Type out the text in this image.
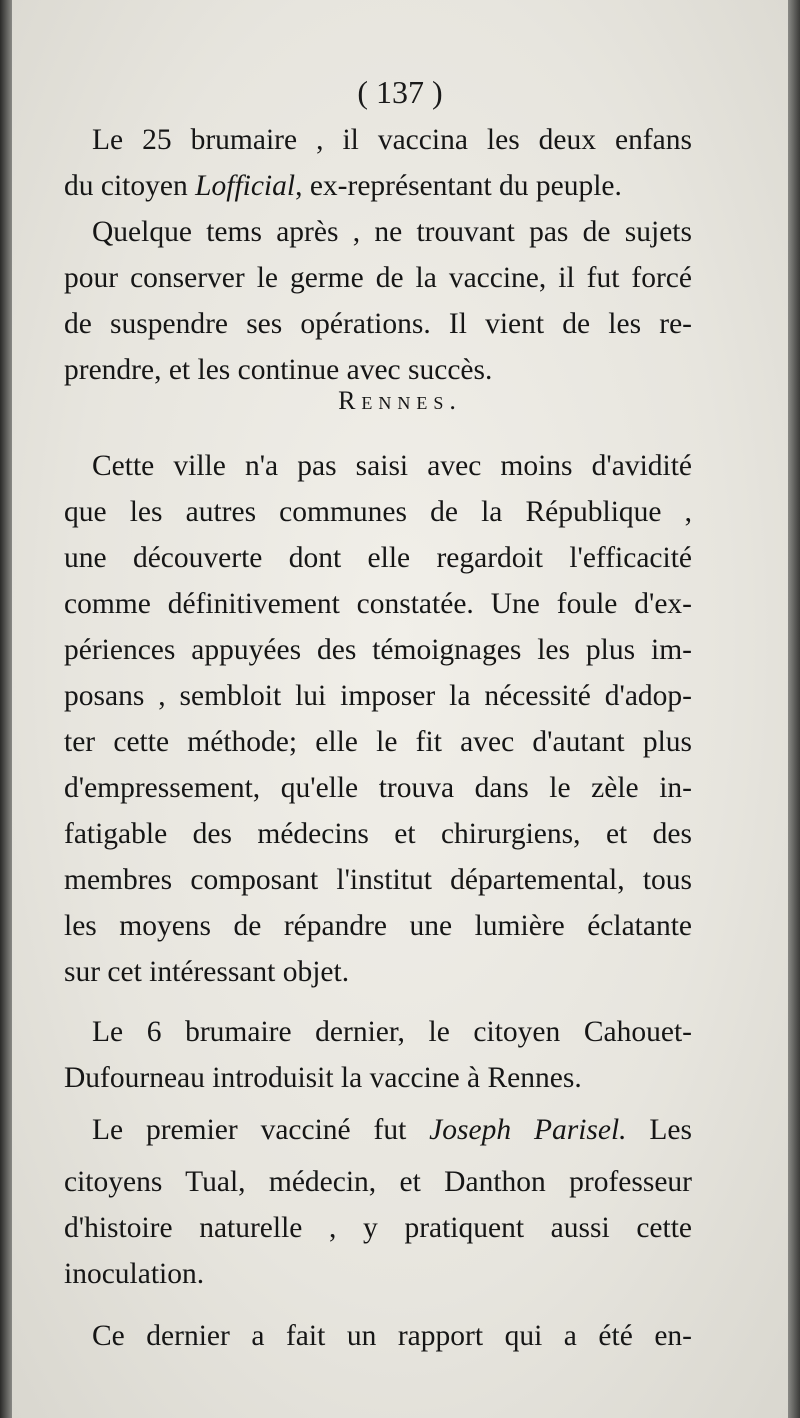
( 137 )
Rennes.
Le 25 brumaire , il vaccina les deux enfans
du citoyen Lofficial, ex-représentant du peuple.
Quelque tems après , ne trouvant pas de sujets
pour conserver le germe de la vaccine, il fut forcé
de suspendre ses opérations. Il vient de les re-
prendre, et les continue avec succès.
Cette ville n'a pas saisi avec moins d'avidité
que les autres communes de la République ,
une découverte dont elle regardoit l'efficacité
comme définitivement constatée. Une foule d'ex-
périences appuyées des témoignages les plus im-
posans , sembloit lui imposer la nécessité d'adop-
ter cette méthode; elle le fit avec d'autant plus
d'empressement, qu'elle trouva dans le zèle in-
fatigable des médecins et chirurgiens, et des
membres composant l'institut départemental, tous
les moyens de répandre une lumière éclatante
sur cet intéressant objet.
Le 6 brumaire dernier, le citoyen Cahouet-
Dufourneau introduisit la vaccine à Rennes.
Le premier vacciné fut Joseph Parisel. Les
citoyens Tual, médecin, et Danthon professeur
d'histoire naturelle , y pratiquent aussi cette
inoculation.
Ce dernier a fait un rapport qui a été en-
